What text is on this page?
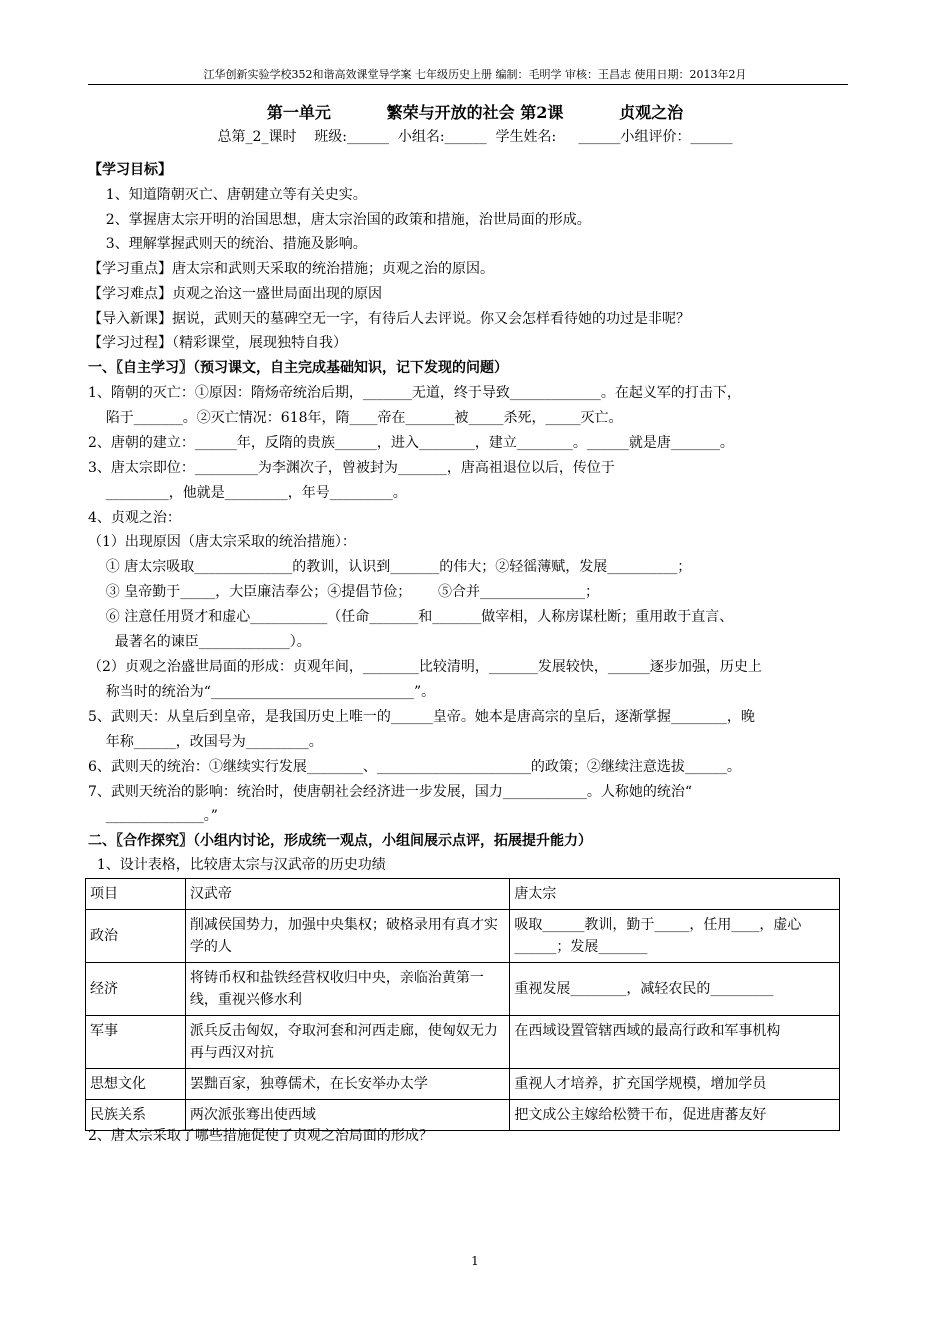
江华创新实验学校352和谐高效课堂导学案 七年级历史上册 编制：毛明学 审核：王昌志 使用日期：2013年2月
第一单元	繁荣与开放的社会 第2课	贞观之治
总第_2_课时    班级:______  小组名:______  学生姓名:     ______小组评价：______
【学习目标】
1、知道隋朝灭亡、唐朝建立等有关史实。
2、掌握唐太宗开明的治国思想，唐太宗治国的政策和措施，治世局面的形成。
3、理解掌握武则天的统治、措施及影响。
【学习重点】唐太宗和武则天采取的统治措施；贞观之治的原因。
【学习难点】贞观之治这一盛世局面出现的原因
【导入新课】据说，武则天的墓碑空无一字，有待后人去评说。你又会怎样看待她的功过是非呢？
【学习过程】（精彩课堂，展现独特自我）
一、〖自主学习〗（预习课文，自主完成基础知识，记下发现的问题）
1、隋朝的灭亡：①原因：隋炀帝统治后期，_______无道，终于导致_____________。在起义军的打击下，
陷于_______。②灭亡情况：618年，隋____帝在_______被_____杀死，_____灭亡。
2、唐朝的建立：______年，反隋的贵族______，进入________，建立________。______就是唐_______。
3、唐太宗即位：_________为李渊次子，曾被封为_______，唐高祖退位以后，传位于
_________，他就是_________，年号_________。
4、贞观之治：
（1）出现原因（唐太宗采取的统治措施）：
① 唐太宗吸取______________的教训，认识到_______的伟大；②轻徭薄赋，发展__________；
③ 皇帝勤于_____，大臣廉洁奉公；④提倡节俭；      ⑤合并_______________；
⑥ 注意任用贤才和虚心___________（任命_______和_______做宰相，人称房谋杜断；重用敢于直言、
最著名的谏臣_____________）。
（2）贞观之治盛世局面的形成：贞观年间，________比较清明，_______发展较快，______逐步加强，历史上
称当时的统治为“_____________________________”。
5、武则天：从皇后到皇帝，是我国历史上唯一的______皇帝。她本是唐高宗的皇后，逐渐掌握________，晚
年称______，改国号为_________。
6、武则天的统治：①继续实行发展________、______________________的政策；②继续注意选拔______。
7、武则天统治的影响：统治时，使唐朝社会经济进一步发展，国力____________。人称她的统治“
______________。”
二、〖合作探究〗（小组内讨论，形成统一观点，小组间展示点评，拓展提升能力）
1、设计表格，比较唐太宗与汉武帝的历史功绩
项目	汉武帝	唐太宗
政治	削减侯国势力，加强中央集权；破格录用有真才实学的人	吸取______教训，勤于_____，任用____，虚心______；发展_______
经济	将铸币权和盐铁经营权收归中央，亲临治黄第一线，重视兴修水利	重视发展________，减轻农民的_________
军事	派兵反击匈奴，夺取河套和河西走廊，使匈奴无力再与西汉对抗	在西域设置管辖西域的最高行政和军事机构
思想文化	罢黜百家，独尊儒术，在长安举办太学	重视人才培养，扩充国学规模，增加学员
民族关系	两次派张骞出使西域	把文成公主嫁给松赞干布，促进唐蕃友好
2、唐太宗采取了哪些措施促使了贞观之治局面的形成？
1
